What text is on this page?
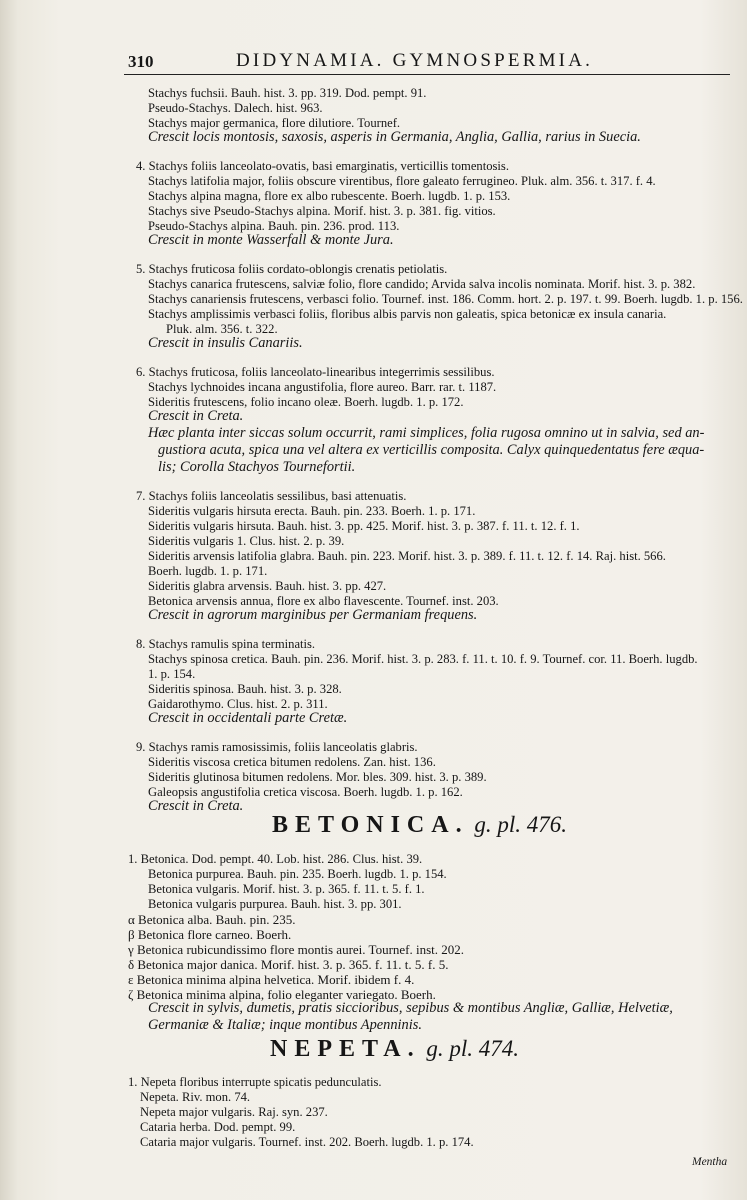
310	DIDYNAMIA. GYMNOSPERMIA.
Stachys fuchsii. Bauh. hist. 3. pp. 319. Dod. pempt. 91.
Pseudo-Stachys. Dalech. hist. 963.
Stachys major germanica, flore dilutiore. Tournef.
Crescit locis montosis, saxosis, asperis in Germania, Anglia, Gallia, rarius in Suecia.
4. Stachys foliis lanceolato-ovatis, basi emarginatis, verticillis tomentosis.
Stachys latifolia major, foliis obscure virentibus, flore galeato ferrugineo. Pluk. alm. 356. t. 317. f. 4.
Stachys alpina magna, flore ex albo rubescente. Boerh. lugdb. 1. p. 153.
Stachys sive Pseudo-Stachys alpina. Morif. hist. 3. p. 381. fig. vitios.
Pseudo-Stachys alpina. Bauh. pin. 236. prod. 113.
Crescit in monte Wasserfall & monte Jura.
5. Stachys fruticosa foliis cordato-oblongis crenatis petiolatis.
Stachys canarica frutescens, salviæ folio, flore candido; Arvida salva incolis nominata. Morif. hist. 3. p. 382.
Stachys canariensis frutescens, verbasci folio. Tournef. inst. 186. Comm. hort. 2. p. 197. t. 99. Boerh. lugdb. 1. p. 156.
Stachys amplissimis verbasci foliis, floribus albis parvis non galeatis, spica betonicæ ex insula canaria.
Pluk. alm. 356. t. 322.
Crescit in insulis Canariis.
6. Stachys fruticosa, foliis lanceolato-linearibus integerrimis sessilibus.
Stachys lychnoides incana angustifolia, flore aureo. Barr. rar. t. 1187.
Sideritis frutescens, folio incano oleæ. Boerh. lugdb. 1. p. 172.
Crescit in Creta.
Hæc planta inter siccas solum occurrit, rami simplices, folia rugosa omnino ut in salvia, sed an-
gustiora acuta, spica una vel altera ex verticillis composita. Calyx quinquedentatus fere æqua-
lis; Corolla Stachyos Tournefortii.
7. Stachys foliis lanceolatis sessilibus, basi attenuatis.
Sideritis vulgaris hirsuta erecta. Bauh. pin. 233. Boerh. 1. p. 171.
Sideritis vulgaris hirsuta. Bauh. hist. 3. pp. 425. Morif. hist. 3. p. 387. f. 11. t. 12. f. 1.
Sideritis vulgaris 1. Clus. hist. 2. p. 39.
Sideritis arvensis latifolia glabra. Bauh. pin. 223. Morif. hist. 3. p. 389. f. 11. t. 12. f. 14. Raj. hist. 566.
Boerh. lugdb. 1. p. 171.
Sideritis glabra arvensis. Bauh. hist. 3. pp. 427.
Betonica arvensis annua, flore ex albo flavescente. Tournef. inst. 203.
Crescit in agrorum marginibus per Germaniam frequens.
8. Stachys ramulis spina terminatis.
Stachys spinosa cretica. Bauh. pin. 236. Morif. hist. 3. p. 283. f. 11. t. 10. f. 9. Tournef. cor. 11. Boerh. lugdb.
1. p. 154.
Sideritis spinosa. Bauh. hist. 3. p. 328.
Gaidarothymo. Clus. hist. 2. p. 311.
Crescit in occidentali parte Cretæ.
9. Stachys ramis ramosissimis, foliis lanceolatis glabris.
Sideritis viscosa cretica bitumen redolens. Zan. hist. 136.
Sideritis glutinosa bitumen redolens. Mor. bles. 309. hist. 3. p. 389.
Galeopsis angustifolia cretica viscosa. Boerh. lugdb. 1. p. 162.
Crescit in Creta.
1. Betonica. Dod. pempt. 40. Lob. hist. 286. Clus. hist. 39.
Betonica purpurea. Bauh. pin. 235. Boerh. lugdb. 1. p. 154.
Betonica vulgaris. Morif. hist. 3. p. 365. f. 11. t. 5. f. 1.
Betonica vulgaris purpurea. Bauh. hist. 3. pp. 301.
α Betonica alba. Bauh. pin. 235.
β Betonica flore carneo. Boerh.
γ Betonica rubicundissimo flore montis aurei. Tournef. inst. 202.
δ Betonica major danica. Morif. hist. 3. p. 365. f. 11. t. 5. f. 5.
ε Betonica minima alpina helvetica. Morif. ibidem f. 4.
ζ Betonica minima alpina, folio eleganter variegato. Boerh.
Crescit in sylvis, dumetis, pratis siccioribus, sepibus & montibus Angliæ, Galliæ, Helvetiæ,
Germaniæ & Italiæ; inque montibus Apenninis.
1. Nepeta floribus interrupte spicatis pedunculatis.
Nepeta. Riv. mon. 74.
Nepeta major vulgaris. Raj. syn. 237.
Cataria herba. Dod. pempt. 99.
Cataria major vulgaris. Tournef. inst. 202. Boerh. lugdb. 1. p. 174.
BETONICA. g. pl. 476.
NEPETA. g. pl. 474.
Mentha
